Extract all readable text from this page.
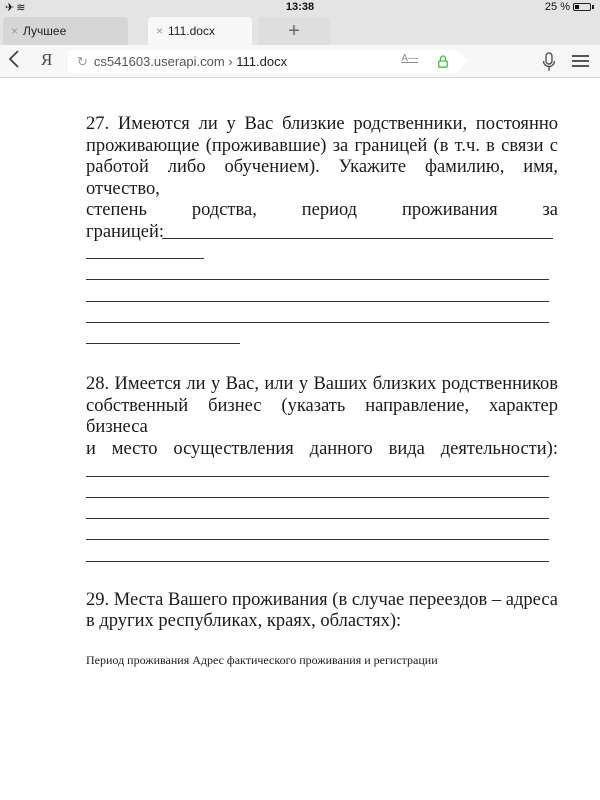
✈≋	13:38	25 %
× Лучшее	× 111.docx	+
Я ↻ cs541603.userapi.com › 111.docx	A—
27. Имеются ли у Вас близкие родственники, постоянно
проживающие (проживавшие) за границей (в т.ч. в связи с
работой либо обучением). Укажите фамилию, имя, отчество,
степень родства, период проживания за
границей:
28. Имеется ли у Вас, или у Ваших близких родственников
собственный бизнес (указать направление, характер бизнеса
и место осуществления данного вида деятельности):
29. Места Вашего проживания (в случае переездов – адреса
в других республиках, краях, областях):
Период проживания Адрес фактического проживания и регистрации
